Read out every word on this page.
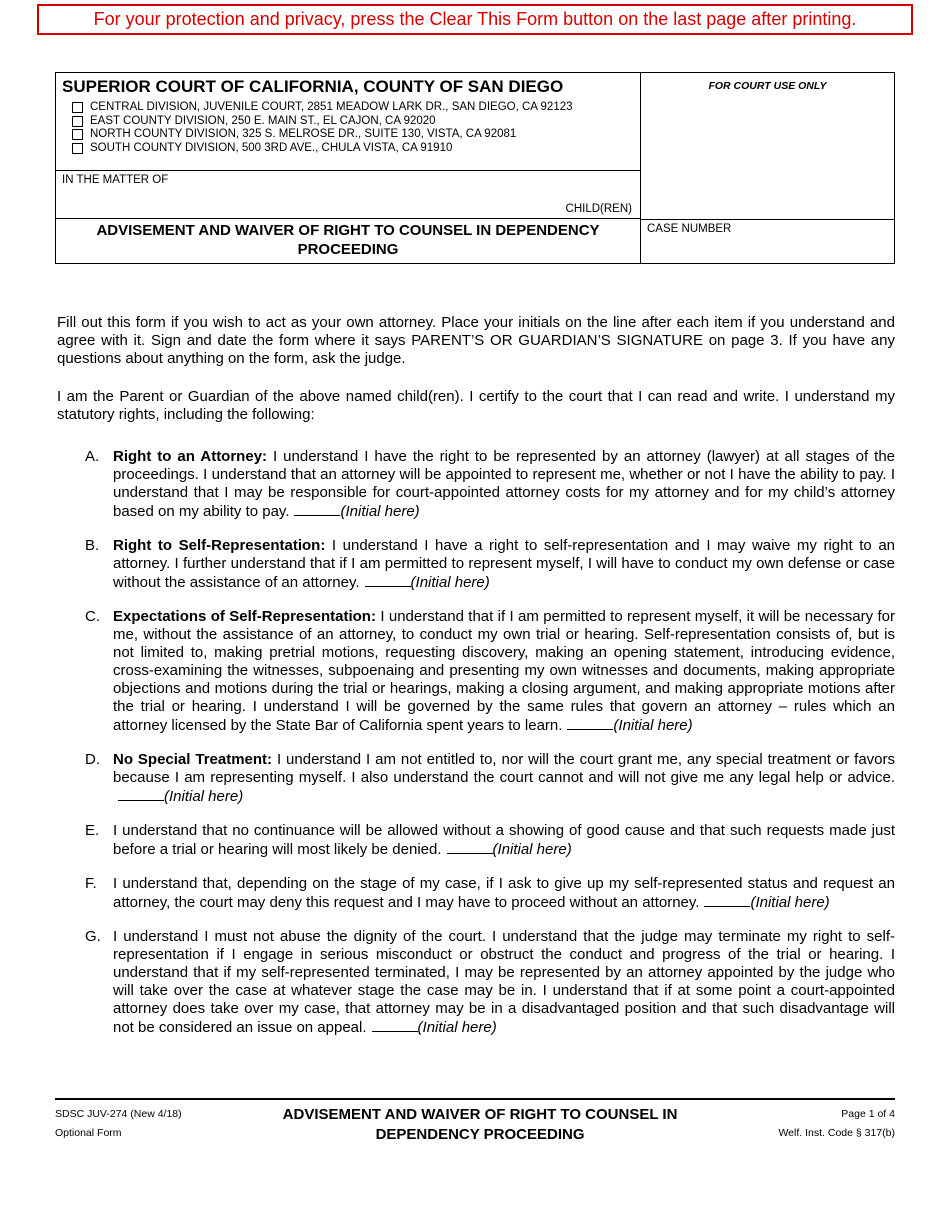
For your protection and privacy, press the Clear This Form button on the last page after printing.
SUPERIOR COURT OF CALIFORNIA, COUNTY OF SAN DIEGO
CENTRAL DIVISION, JUVENILE COURT, 2851 MEADOW LARK DR., SAN DIEGO, CA 92123
EAST COUNTY DIVISION, 250 E. MAIN ST., EL CAJON, CA 92020
NORTH COUNTY DIVISION, 325 S. MELROSE DR., SUITE 130, VISTA, CA 92081
SOUTH COUNTY DIVISION, 500 3RD AVE., CHULA VISTA, CA 91910
FOR COURT USE ONLY
IN THE MATTER OF
CHILD(REN)
ADVISEMENT AND WAIVER OF RIGHT TO COUNSEL IN DEPENDENCY PROCEEDING
CASE NUMBER
Fill out this form if you wish to act as your own attorney. Place your initials on the line after each item if you understand and agree with it. Sign and date the form where it says PARENT’S OR GUARDIAN’S SIGNATURE on page 3. If you have any questions about anything on the form, ask the judge.
I am the Parent or Guardian of the above named child(ren). I certify to the court that I can read and write. I understand my statutory rights, including the following:
A. Right to an Attorney: I understand I have the right to be represented by an attorney (lawyer) at all stages of the proceedings. I understand that an attorney will be appointed to represent me, whether or not I have the ability to pay. I understand that I may be responsible for court-appointed attorney costs for my attorney and for my child’s attorney based on my ability to pay.	(Initial here)
B. Right to Self-Representation: I understand I have a right to self-representation and I may waive my right to an attorney. I further understand that if I am permitted to represent myself, I will have to conduct my own defense or case without the assistance of an attorney.	(Initial here)
C. Expectations of Self-Representation: I understand that if I am permitted to represent myself, it will be necessary for me, without the assistance of an attorney, to conduct my own trial or hearing. Self-representation consists of, but is not limited to, making pretrial motions, requesting discovery, making an opening statement, introducing evidence, cross-examining the witnesses, subpoenaing and presenting my own witnesses and documents, making appropriate objections and motions during the trial or hearings, making a closing argument, and making appropriate motions after the trial or hearing. I understand I will be governed by the same rules that govern an attorney – rules which an attorney licensed by the State Bar of California spent years to learn.	(Initial here)
D. No Special Treatment: I understand I am not entitled to, nor will the court grant me, any special treatment or favors because I am representing myself. I also understand the court cannot and will not give me any legal help or advice.(Initial here)
E. I understand that no continuance will be allowed without a showing of good cause and that such requests made just before a trial or hearing will most likely be denied.	(Initial here)
F.	I understand that, depending on the stage of my case, if I ask to give up my self-represented status and request an attorney, the court may deny this request and I may have to proceed without an attorney.	(Initial here)
G. I understand I must not abuse the dignity of the court. I understand that the judge may terminate my right to self-representation if I engage in serious misconduct or obstruct the conduct and progress of the trial or hearing. I understand that if my self-represented terminated, I may be represented by an attorney appointed by the judge who will take over the case at whatever stage the case may be in. I understand that if at some point a court-appointed attorney does take over my case, that attorney may be in a disadvantaged position and that such disadvantage will not be considered an issue on appeal.	(Initial here)
SDSC JUV-274 (New 4/18)
Optional Form
ADVISEMENT AND WAIVER OF RIGHT TO COUNSEL IN DEPENDENCY PROCEEDING
Page 1 of 4
Welf. Inst. Code § 317(b)
